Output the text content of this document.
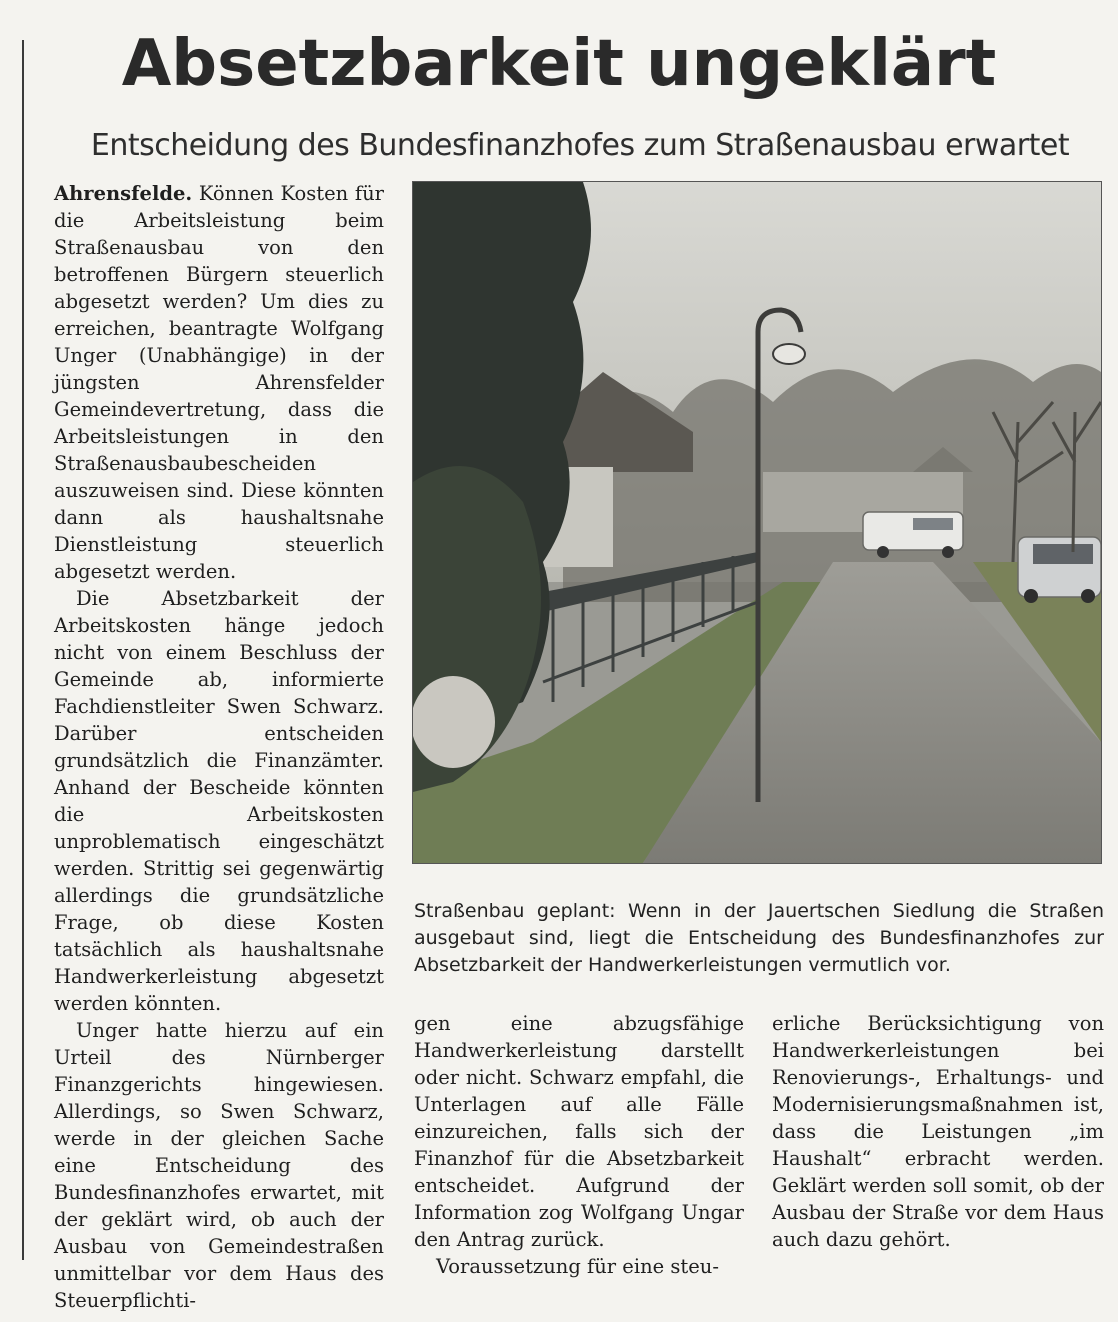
Absetzbarkeit ungeklärt
Entscheidung des Bundesfinanzhofes zum Straßenausbau erwartet

Ahrensfelde. Können Kosten für die Arbeitsleistung beim Straßenausbau von den betroffenen Bürgern steuerlich abgesetzt werden? Um dies zu erreichen, beantragte Wolfgang Unger (Unabhängige) in der jüngsten Ahrensfelder Gemeindevertretung, dass die Arbeitsleistungen in den Straßenausbaubescheiden auszuweisen sind. Diese könnten dann als haushaltsnahe Dienstleistung steuerlich abgesetzt werden.

Die Absetzbarkeit der Arbeitskosten hänge jedoch nicht von einem Beschluss der Gemeinde ab, informierte Fachdienstleiter Swen Schwarz. Darüber entscheiden grundsätzlich die Finanzämter. Anhand der Bescheide könnten die Arbeitskosten unproblematisch eingeschätzt werden. Strittig sei gegenwärtig allerdings die grundsätzliche Frage, ob diese Kosten tatsächlich als haushaltsnahe Handwerkerleistung abgesetzt werden könnten.

Unger hatte hierzu auf ein Urteil des Nürnberger Finanzgerichts hingewiesen. Allerdings, so Swen Schwarz, werde in der gleichen Sache eine Entscheidung des Bundesfinanzhofes erwartet, mit der geklärt wird, ob auch der Ausbau von Gemeindestraßen unmittelbar vor dem Haus des Steuerpflichti-

Straßenbau geplant: Wenn in der Jauertschen Siedlung die Straßen ausgebaut sind, liegt die Entscheidung des Bundesfinanzhofes zur Absetzbarkeit der Handwerkerleistungen vermutlich vor.

gen eine abzugsfähige Handwerkerleistung darstellt oder nicht. Schwarz empfahl, die Unterlagen auf alle Fälle einzureichen, falls sich der Finanzhof für die Absetzbarkeit entscheidet. Aufgrund der Information zog Wolfgang Ungar den Antrag zurück.

Voraussetzung für eine steu-

erliche Berücksichtigung von Handwerkerleistungen bei Renovierungs-, Erhaltungs- und Modernisierungsmaßnahmen ist, dass die Leistungen „im Haushalt“ erbracht werden. Geklärt werden soll somit, ob der Ausbau der Straße vor dem Haus auch dazu gehört.
